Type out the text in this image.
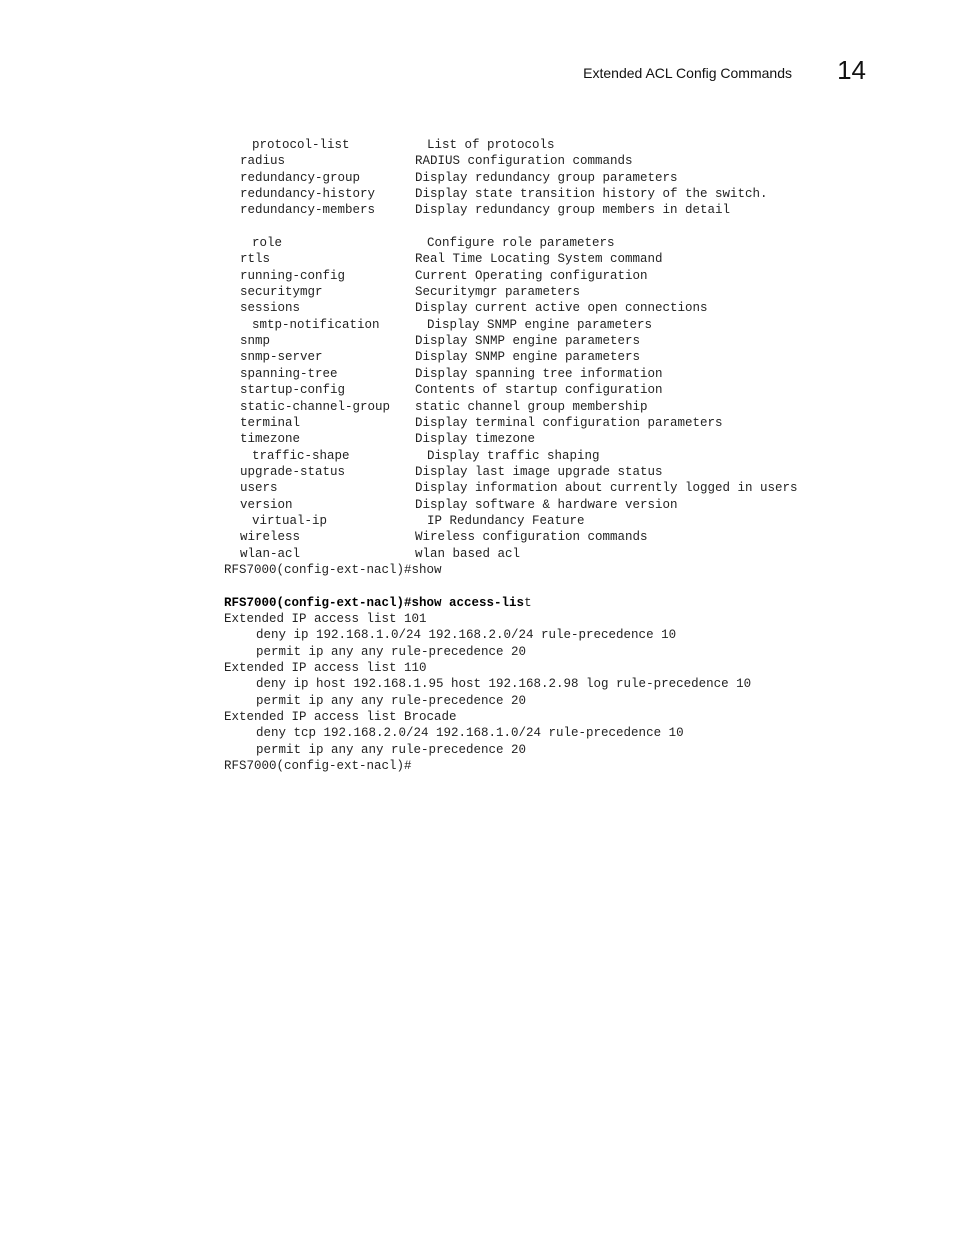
Extended ACL Config Commands	14
protocol-list	List of protocols
radius	RADIUS configuration commands
redundancy-group	Display redundancy group parameters
redundancy-history	Display state transition history of the switch.
redundancy-members	Display redundancy group members in detail
role	Configure role parameters
rtls	Real Time Locating System command
running-config	Current Operating configuration
securitymgr	Securitymgr parameters
sessions	Display current active open connections
smtp-notification	Display SNMP engine parameters
snmp	Display SNMP engine parameters
snmp-server	Display SNMP engine parameters
spanning-tree	Display spanning tree information
startup-config	Contents of startup configuration
static-channel-group static channel group membership
terminal	Display terminal configuration parameters
timezone	Display timezone
traffic-shape	Display traffic shaping
upgrade-status	Display last image upgrade status
users	Display information about currently logged in users
version	Display software & hardware version
virtual-ip	IP Redundancy Feature
wireless	Wireless configuration commands
wlan-acl	wlan based acl
RFS7000(config-ext-nacl)#show
RFS7000(config-ext-nacl)#show access-list
Extended IP access list 101
deny ip 192.168.1.0/24 192.168.2.0/24 rule-precedence 10
permit ip any any rule-precedence 20
Extended IP access list 110
deny ip host 192.168.1.95 host 192.168.2.98 log rule-precedence 10
permit ip any any rule-precedence 20
Extended IP access list Brocade
deny tcp 192.168.2.0/24 192.168.1.0/24 rule-precedence 10
permit ip any any rule-precedence 20
RFS7000(config-ext-nacl)#
